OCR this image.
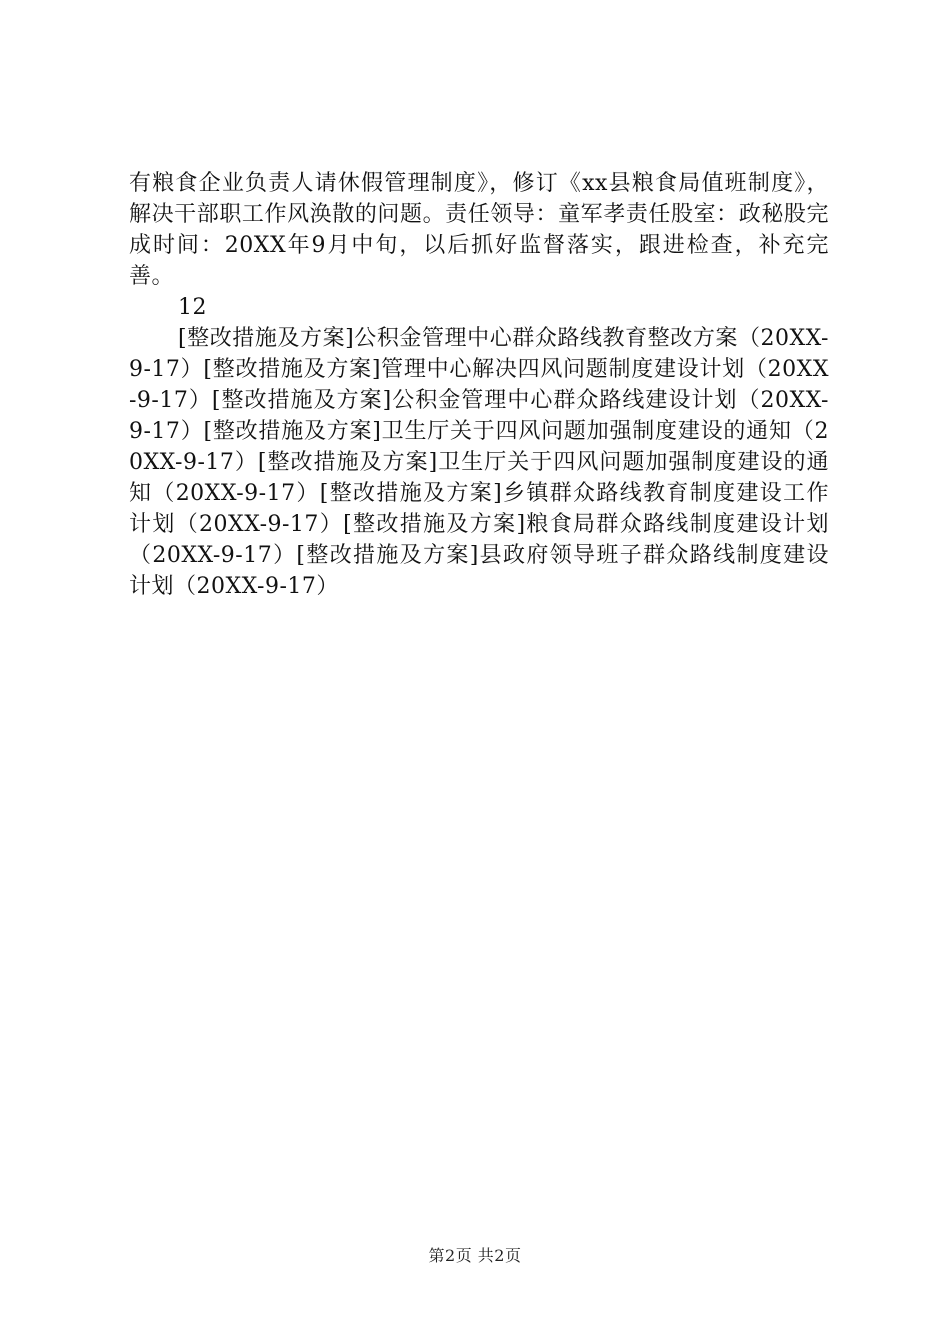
有粮食企业负责人请休假管理制度》，修订《xx县粮食局值班制度》，解决干部职工作风涣散的问题。责任领导：童军孝责任股室：政秘股完成时间：20XX年9月中旬，以后抓好监督落实，跟进检查，补充完善。

12

[整改措施及方案]公积金管理中心群众路线教育整改方案（20XX-9-17）[整改措施及方案]管理中心解决四风问题制度建设计划（20XX-9-17）[整改措施及方案]公积金管理中心群众路线建设计划（20XX-9-17）[整改措施及方案]卫生厅关于四风问题加强制度建设的通知（20XX-9-17）[整改措施及方案]卫生厅关于四风问题加强制度建设的通知（20XX-9-17）[整改措施及方案]乡镇群众路线教育制度建设工作计划（20XX-9-17）[整改措施及方案]粮食局群众路线制度建设计划（20XX-9-17）[整改措施及方案]县政府领导班子群众路线制度建设计划（20XX-9-17）

第2页 共2页
